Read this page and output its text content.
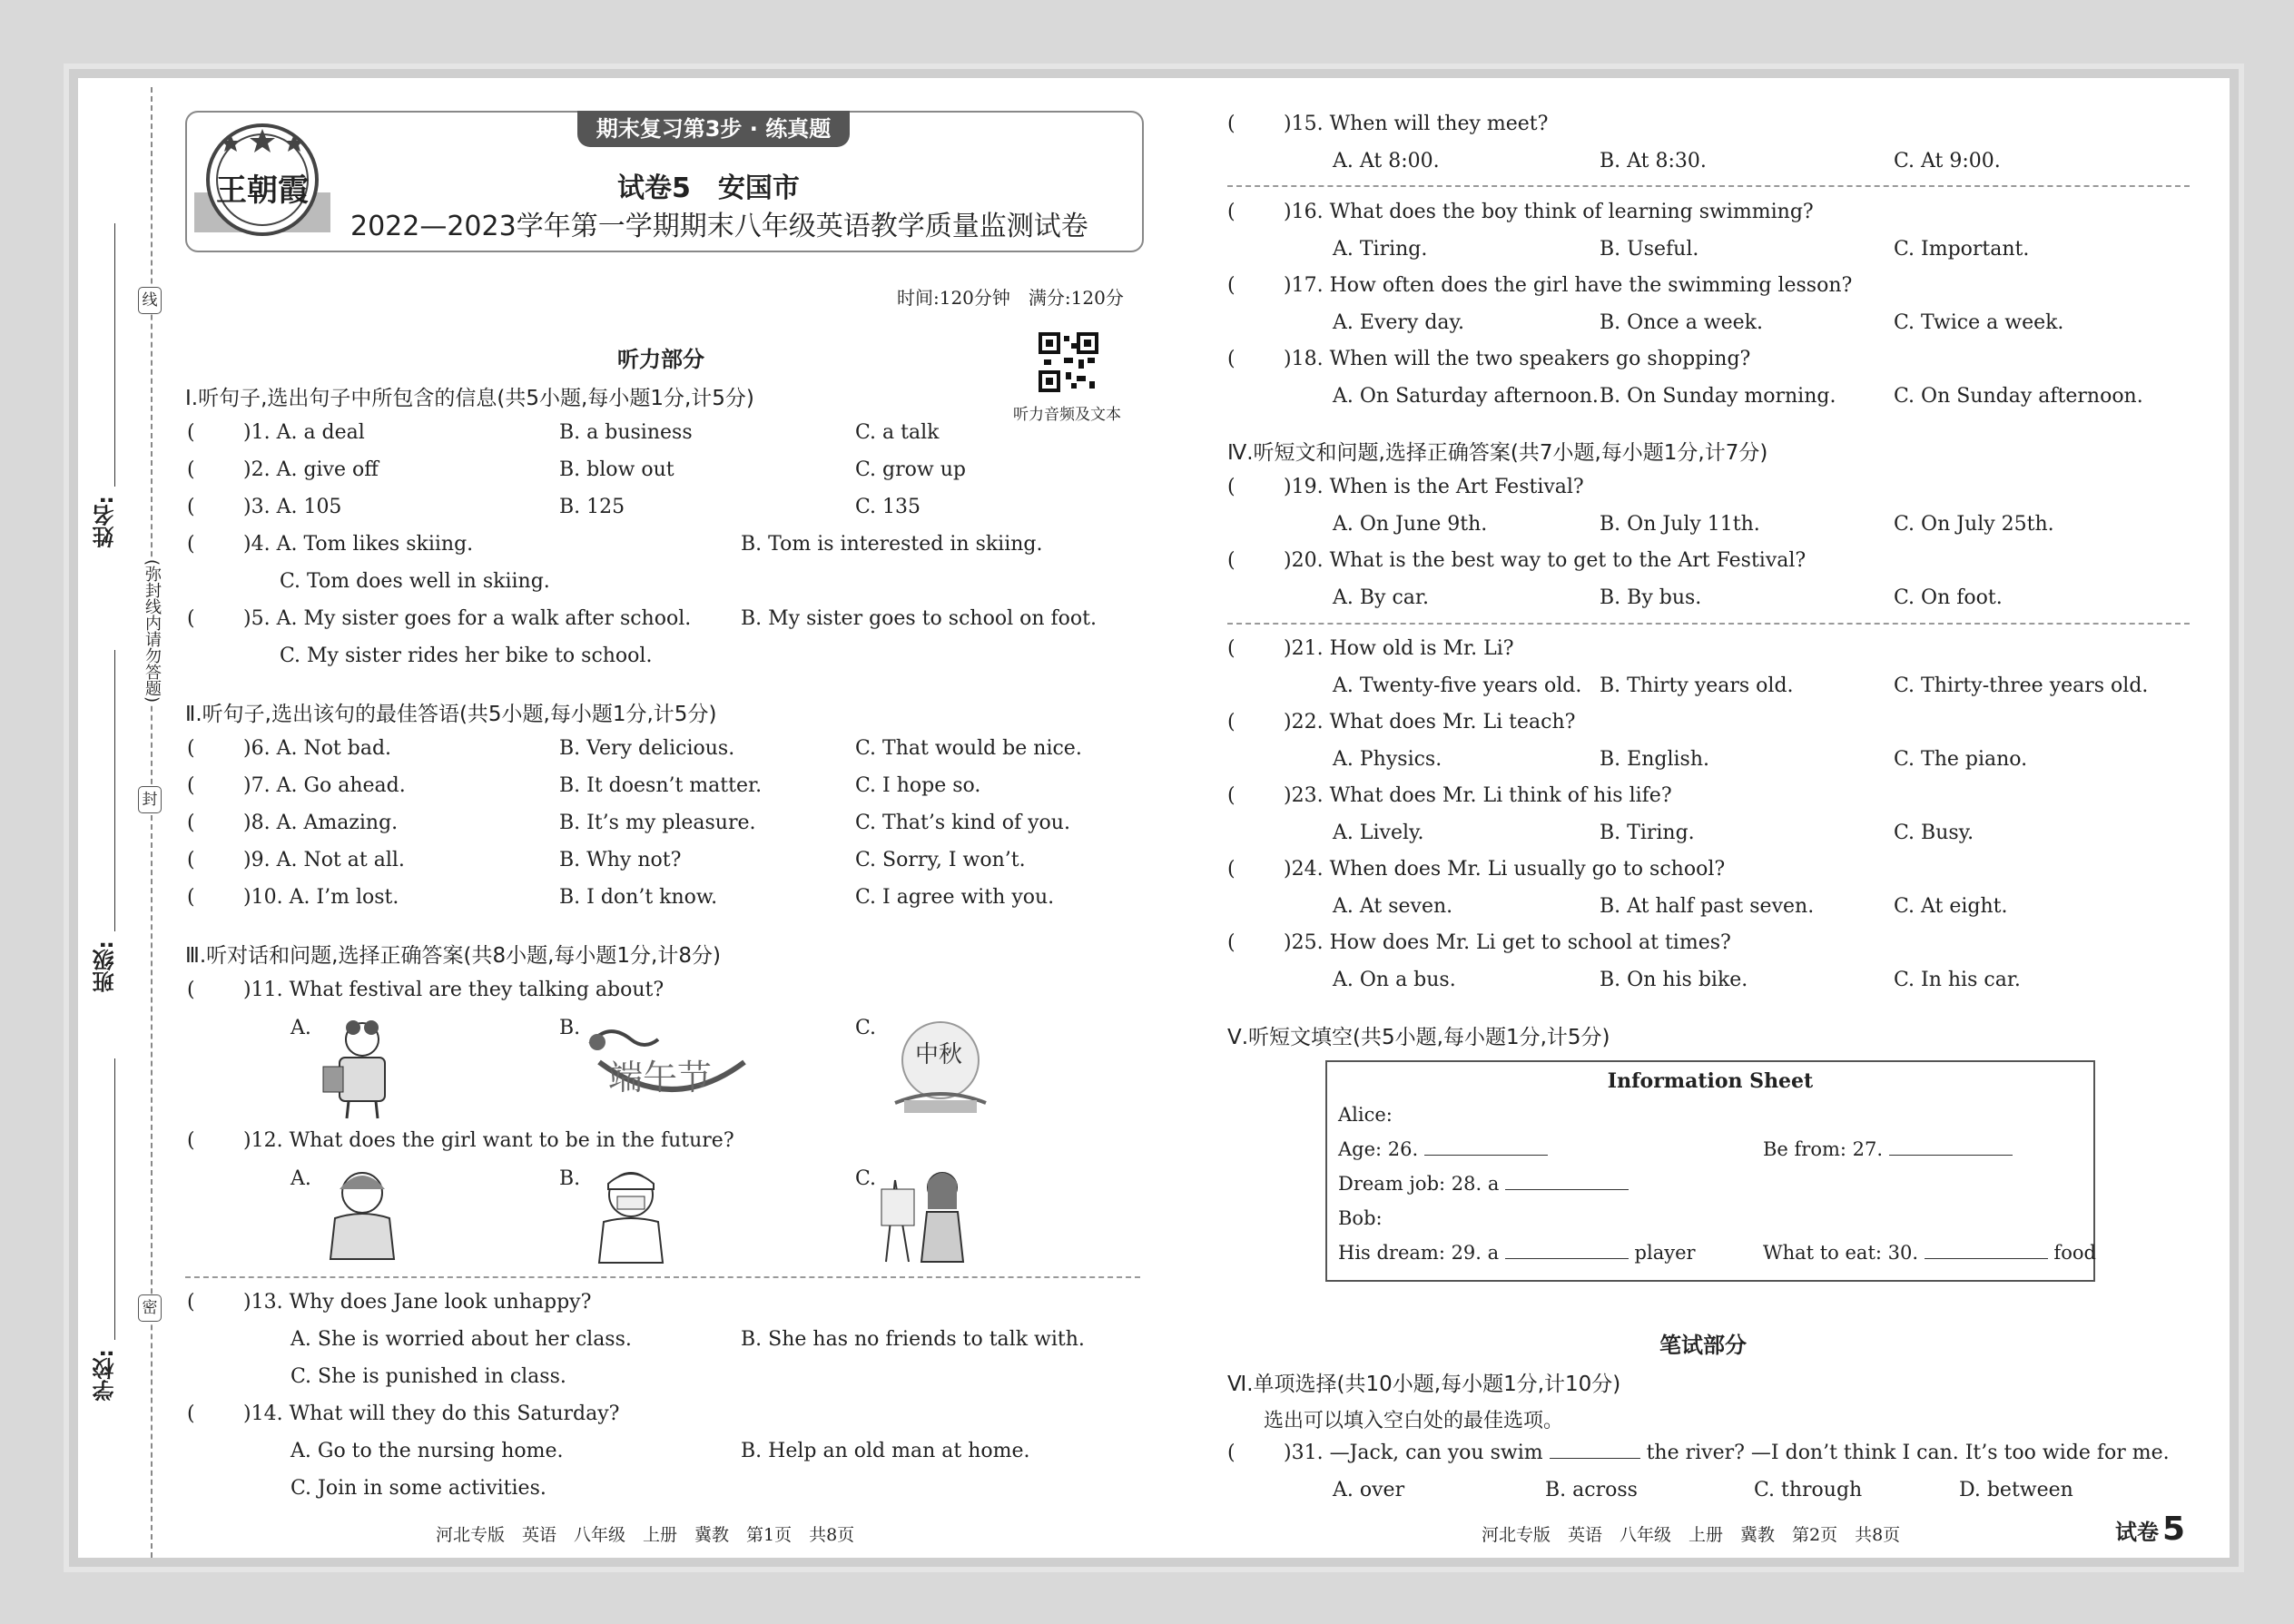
学校:
班级:
姓名:
线
封
密
(弥封线内请勿答题)
期末复习第3步 · 练真题
王朝霞	试卷5　安国市
2022—2023学年第一学期期末八年级英语教学质量监测试卷
时间:120分钟　满分:120分
听力部分
听力音频及文本
Ⅰ.听句子,选出句子中所包含的信息(共5小题,每小题1分,计5分)
( )1. A. a deal	B. a business	C. a talk
( )2. A. give off	B. blow out	C. grow up
( )3. A. 105	B. 125	C. 135
( )4. A. Tom likes skiing.	B. Tom is interested in skiing.
C. Tom does well in skiing.
( )5. A. My sister goes for a walk after school. B. My sister goes to school on foot.
C. My sister rides her bike to school.
Ⅱ.听句子,选出该句的最佳答语(共5小题,每小题1分,计5分)
( )6. A. Not bad.	B. Very delicious.	C. That would be nice.
( )7. A. Go ahead.	B. It doesn’t matter.	C. I hope so.
( )8. A. Amazing.	B. It’s my pleasure.	C. That’s kind of you.
( )9. A. Not at all.	B. Why not?	C. Sorry, I won’t.
( )10. A. I’m lost.	B. I don’t know.	C. I agree with you.
Ⅲ.听对话和问题,选择正确答案(共8小题,每小题1分,计8分)
( )11. What festival are they talking about?
A.	B.
端午节
C.
中秋
( )12. What does the girl want to be in the future?
A.	B.	C.
( )13. Why does Jane look unhappy?
A. She is worried about her class.	B. She has no friends to talk with.
C. She is punished in class.
( )14. What will they do this Saturday?
A. Go to the nursing home.	B. Help an old man at home.
C. Join in some activities.
河北专版　英语　八年级　上册　冀教　第1页　共8页
( )15. When will they meet?
A. At 8:00.	B. At 8:30.	C. At 9:00.
( )16. What does the boy think of learning swimming?
A. Tiring.	B. Useful.	C. Important.
( )17. How often does the girl have the swimming lesson?
A. Every day.	B. Once a week.	C. Twice a week.
( )18. When will the two speakers go shopping?
A. On Saturday afternoon. B. On Sunday morning.	C. On Sunday afternoon.
Ⅳ.听短文和问题,选择正确答案(共7小题,每小题1分,计7分)
( )19. When is the Art Festival?
A. On June 9th.	B. On July 11th.	C. On July 25th.
( )20. What is the best way to get to the Art Festival?
A. By car.	B. By bus.	C. On foot.
( )21. How old is Mr. Li?
A. Twenty-five years old. B. Thirty years old.	C. Thirty-three years old.
( )22. What does Mr. Li teach?
A. Physics.	B. English.	C. The piano.
( )23. What does Mr. Li think of his life?
A. Lively.	B. Tiring.	C. Busy.
( )24. When does Mr. Li usually go to school?
A. At seven.	B. At half past seven.	C. At eight.
( )25. How does Mr. Li get to school at times?
A. On a bus.	B. On his bike.	C. In his car.
Ⅴ.听短文填空(共5小题,每小题1分,计5分)
Information Sheet
Alice:
Age: 26.	Be from: 27.
Dream job: 28. a
Bob:
His dream: 29. a	player	What to eat: 30.	food
笔试部分
Ⅵ.单项选择(共10小题,每小题1分,计10分)
选出可以填入空白处的最佳选项。
( )31. —Jack, can you swim	the river? —I don’t think I can. It’s too wide for me.
A. over	B. across	C. through	D. between
河北专版　英语　八年级　上册　冀教　第2页　共8页	试卷 5
